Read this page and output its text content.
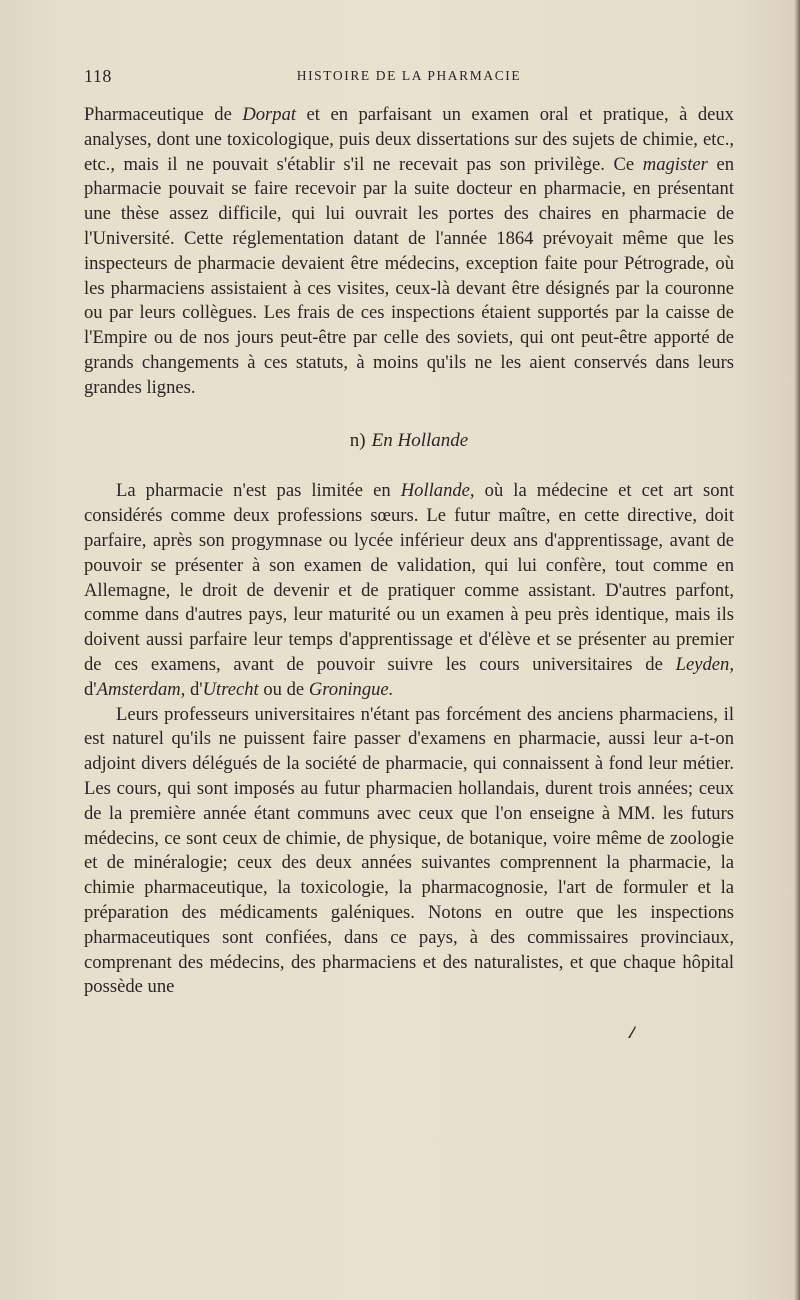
118	HISTOIRE DE LA PHARMACIE

Pharmaceutique de Dorpat et en parfaisant un examen oral et pratique, à deux analyses, dont une toxicologique, puis deux dissertations sur des sujets de chimie, etc., etc., mais il ne pouvait s'établir s'il ne recevait pas son privilège. Ce magister en pharmacie pouvait se faire recevoir par la suite docteur en pharmacie, en présentant une thèse assez difficile, qui lui ouvrait les portes des chaires en pharmacie de l'Université. Cette réglementation datant de l'année 1864 prévoyait même que les inspecteurs de pharmacie devaient être médecins, exception faite pour Pétrograde, où les pharmaciens assistaient à ces visites, ceux-là devant être désignés par la couronne ou par leurs collègues. Les frais de ces inspections étaient supportés par la caisse de l'Empire ou de nos jours peut-être par celle des soviets, qui ont peut-être apporté de grands changements à ces statuts, à moins qu'ils ne les aient conservés dans leurs grandes lignes.

n) En Hollande

La pharmacie n'est pas limitée en Hollande, où la médecine et cet art sont considérés comme deux professions sœurs. Le futur maître, en cette directive, doit parfaire, après son progymnase ou lycée inférieur deux ans d'apprentissage, avant de pouvoir se présenter à son examen de validation, qui lui confère, tout comme en Allemagne, le droit de devenir et de pratiquer comme assistant. D'autres parfont, comme dans d'autres pays, leur maturité ou un examen à peu près identique, mais ils doivent aussi parfaire leur temps d'apprentissage et d'élève et se présenter au premier de ces examens, avant de pouvoir suivre les cours universitaires de Leyden, d'Amsterdam, d'Utrecht ou de Groningue.

Leurs professeurs universitaires n'étant pas forcément des anciens pharmaciens, il est naturel qu'ils ne puissent faire passer d'examens en pharmacie, aussi leur a-t-on adjoint divers délégués de la société de pharmacie, qui connaissent à fond leur métier. Les cours, qui sont imposés au futur pharmacien hollandais, durent trois années; ceux de la première année étant communs avec ceux que l'on enseigne à MM. les futurs médecins, ce sont ceux de chimie, de physique, de botanique, voire même de zoologie et de minéralogie; ceux des deux années suivantes comprennent la pharmacie, la chimie pharmaceutique, la toxicologie, la pharmacognosie, l'art de formuler et la préparation des médicaments galéniques. Notons en outre que les inspections pharmaceutiques sont confiées, dans ce pays, à des commissaires provinciaux, comprenant des médecins, des pharmaciens et des naturalistes, et que chaque hôpital possède une
